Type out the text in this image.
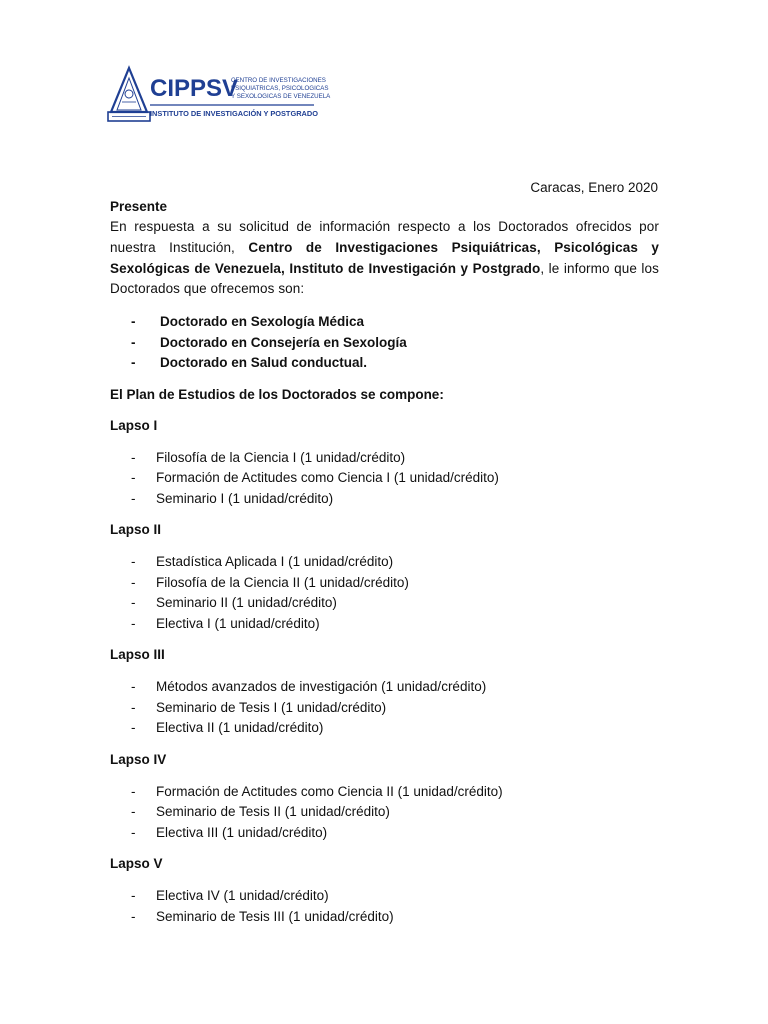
CIPPSV
CENTRO DE INVESTIGACIONES
PSIQUIATRICAS, PSICOLOGICAS
Y SEXOLOGICAS DE VENEZUELA
INSTITUTO DE INVESTIGACIÓN Y POSTGRADO
Caracas, Enero 2020
Presente

En respuesta a su solicitud de información respecto a los Doctorados ofrecidos por nuestra Institución, Centro de Investigaciones Psiquiátricas, Psicológicas y Sexológicas de Venezuela, Instituto de Investigación y Postgrado, le informo que los Doctorados que ofrecemos son:

- Doctorado en Sexología Médica
- Doctorado en Consejería en Sexología
- Doctorado en Salud conductual.
El Plan de Estudios de los Doctorados se compone:
Lapso I
- Filosofía de la Ciencia I (1 unidad/crédito)
- Formación de Actitudes como Ciencia I (1 unidad/crédito)
- Seminario I (1 unidad/crédito)
Lapso II
- Estadística Aplicada I (1 unidad/crédito)
- Filosofía de la Ciencia II (1 unidad/crédito)
- Seminario II (1 unidad/crédito)
- Electiva I (1 unidad/crédito)
Lapso III
- Métodos avanzados de investigación (1 unidad/crédito)
- Seminario de Tesis I (1 unidad/crédito)
- Electiva II (1 unidad/crédito)
Lapso IV
- Formación de Actitudes como Ciencia II (1 unidad/crédito)
- Seminario de Tesis II (1 unidad/crédito)
- Electiva III (1 unidad/crédito)
Lapso V
- Electiva IV (1 unidad/crédito)
- Seminario de Tesis III (1 unidad/crédito)
